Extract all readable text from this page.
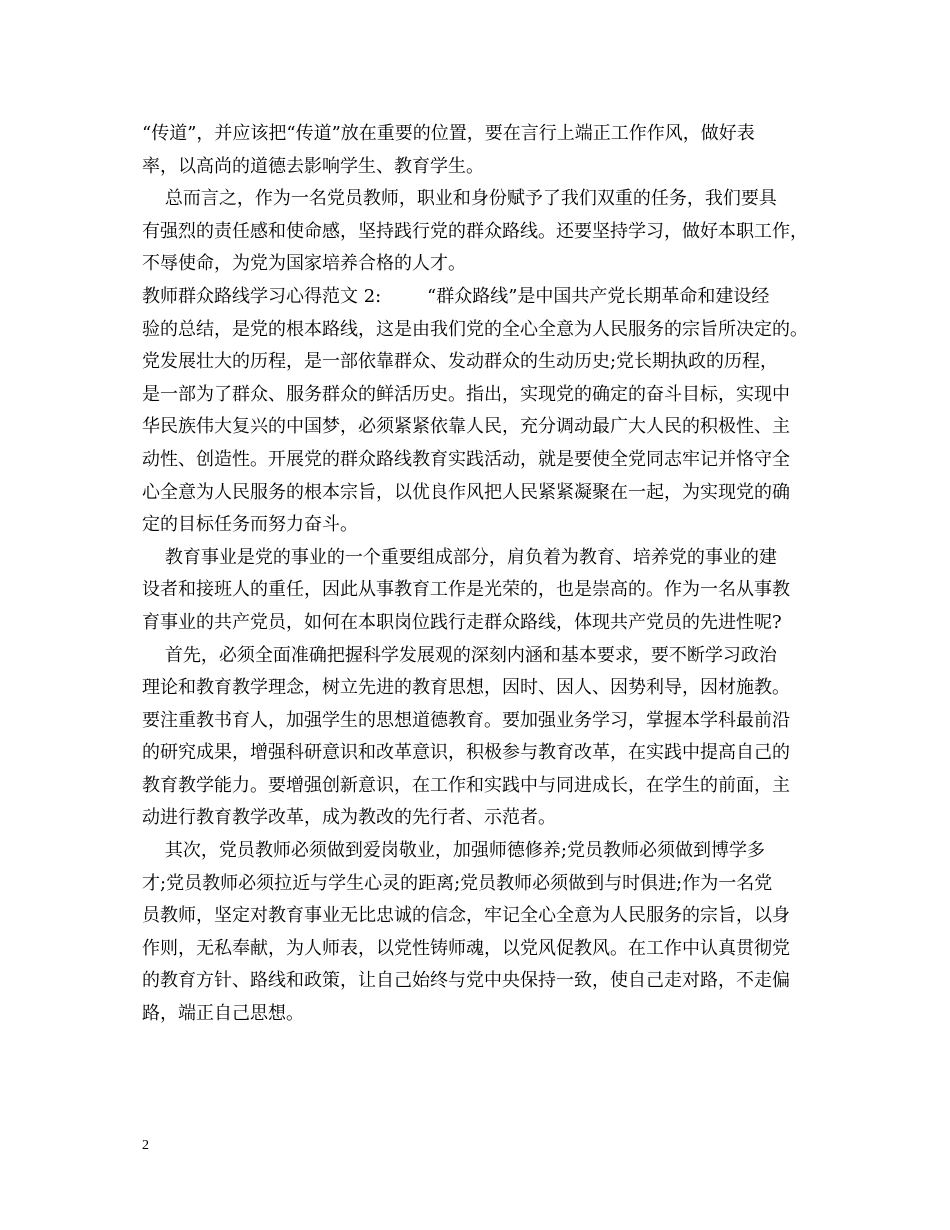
“传道”，并应该把“传道”放在重要的位置，要在言行上端正工作作风，做好表
率，以高尚的道德去影响学生、教育学生。
总而言之，作为一名党员教师，职业和身份赋予了我们双重的任务，我们要具
有强烈的责任感和使命感，坚持践行党的群众路线。还要坚持学习，做好本职工作，
不辱使命，为党为国家培养合格的人才。
教师群众路线学习心得范文 2:        “群众路线”是中国共产党长期革命和建设经
验的总结，是党的根本路线，这是由我们党的全心全意为人民服务的宗旨所决定的。
党发展壮大的历程，是一部依靠群众、发动群众的生动历史;党长期执政的历程，
是一部为了群众、服务群众的鲜活历史。指出，实现党的确定的奋斗目标，实现中
华民族伟大复兴的中国梦，必须紧紧依靠人民，充分调动最广大人民的积极性、主
动性、创造性。开展党的群众路线教育实践活动，就是要使全党同志牢记并恪守全
心全意为人民服务的根本宗旨，以优良作风把人民紧紧凝聚在一起，为实现党的确
定的目标任务而努力奋斗。
教育事业是党的事业的一个重要组成部分，肩负着为教育、培养党的事业的建
设者和接班人的重任，因此从事教育工作是光荣的，也是崇高的。作为一名从事教
育事业的共产党员，如何在本职岗位践行走群众路线，体现共产党员的先进性呢?
首先，必须全面准确把握科学发展观的深刻内涵和基本要求，要不断学习政治
理论和教育教学理念，树立先进的教育思想，因时、因人、因势利导，因材施教。
要注重教书育人，加强学生的思想道德教育。要加强业务学习，掌握本学科最前沿
的研究成果，增强科研意识和改革意识，积极参与教育改革，在实践中提高自己的
教育教学能力。要增强创新意识，在工作和实践中与同进成长，在学生的前面，主
动进行教育教学改革，成为教改的先行者、示范者。
其次，党员教师必须做到爱岗敬业，加强师德修养;党员教师必须做到博学多
才;党员教师必须拉近与学生心灵的距离;党员教师必须做到与时俱进;作为一名党
员教师，坚定对教育事业无比忠诚的信念，牢记全心全意为人民服务的宗旨，以身
作则，无私奉献，为人师表，以党性铸师魂，以党风促教风。在工作中认真贯彻党
的教育方针、路线和政策，让自己始终与党中央保持一致，使自己走对路，不走偏
路，端正自己思想。
2
